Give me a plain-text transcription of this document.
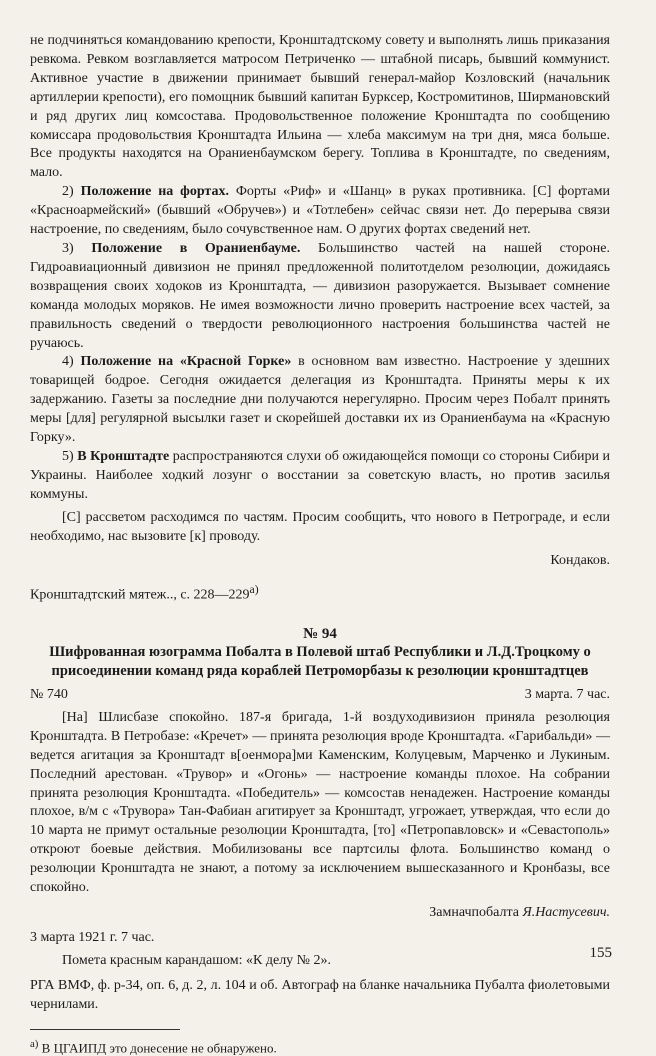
не подчиняться командованию крепости, Кронштадтскому совету и выполнять лишь приказания ревкома. Ревком возглавляется матросом Петриченко — штабной писарь, бывший коммунист. Активное участие в движении принимает бывший генерал-майор Козловский (начальник артиллерии крепости), его помощник бывший капитан Буркcер, Костромитинов, Ширмановский и ряд других лиц комсостава. Продовольственное положение Кронштадта по сообщению комиссара продовольствия Кронштадта Ильина — хлеба максимум на три дня, мяса больше. Все продукты находятся на Ораниенбаумском берегу. Топлива в Кронштадте, по сведениям, мало.

2) Положение на фортах. Форты «Риф» и «Шанц» в руках противника. [С] фортами «Красноармейский» (бывший «Обручев») и «Тотлебен» сейчас связи нет. До перерыва связи настроение, по сведениям, было сочувственное нам. О других фортах сведений нет.

3) Положение в Ораниенбауме. Большинство частей на нашей стороне. Гидроавиационный дивизион не принял предложенной политотделом резолюции, дожидаясь возвращения своих ходоков из Кронштадта, — дивизион разоружается. Вызывает сомнение команда молодых моряков. Не имея возможности лично проверить настроение всех частей, за правильность сведений о твердости революционного настроения большинства частей не ручаюсь.

4) Положение на «Красной Горке» в основном вам известно. Настроение у здешних товарищей бодрое. Сегодня ожидается делегация из Кронштадта. Приняты меры к их задержанию. Газеты за последние дни получаются нерегулярно. Просим через Побалт принять меры [для] регулярной высылки газет и скорейшей доставки их из Ораниенбаума на «Красную Горку».

5) В Кронштадте распространяются слухи об ожидающейся помощи со стороны Сибири и Украины. Наиболее ходкий лозунг о восстании за советскую власть, но против засилья коммуны.

[С] рассветом расходимся по частям. Просим сообщить, что нового в Петрограде, и если необходимо, нас вызовите [к] проводу.

Кондаков.

Кронштадтский мятеж.., с. $228—229^{а)}$

№ 94
Шифрованная юзограмма Побалта в Полевой штаб Республики и Л.Д.Троцкому о присоединении команд ряда кораблей Петроморбазы к резолюции кронштадтцев
№ 740	3 марта. 7 час.

[На] Шлисбазе спокойно. 187-я бригада, 1-й воздуходивизион приняла резолюция Кронштадта. В Петробазе: «Кречет» — принята резолюция вроде Кронштадта. «Гарибальди» — ведется агитация за Кронштадт в[оенмора]ми Каменским, Колуцевым, Марченко и Лукиным. Последний арестован. «Трувор» и «Огонь» — настроение команды плохое. На собрании принята резолюция Кронштадта. «Победитель» — комсостав ненадежен. Настроение команды плохое, в/м с «Трувора» Тан-Фабиан агитирует за Кронштадт, угрожает, утверждая, что если до 10 марта не примут остальные резолюции Кронштадта, [то] «Петропавловск» и «Севастополь» откроют боевые действия. Мобилизованы все партсилы флота. Большинство команд о резолюции Кронштадта не знают, а потому за исключением вышесказанного и Кронбазы, все спокойно.

Замначпобалта Я.Настусевич.

3 марта 1921 г. 7 час.

Помета красным карандашом: «К делу № 2».

РГА ВМФ, ф. р-34, оп. 6, д. 2, л. 104 и об. Автограф на бланке начальника Пубалта фиолетовыми чернилами.

$^{а)}$ В ЦГАИПД это донесение не обнаружено.

155
